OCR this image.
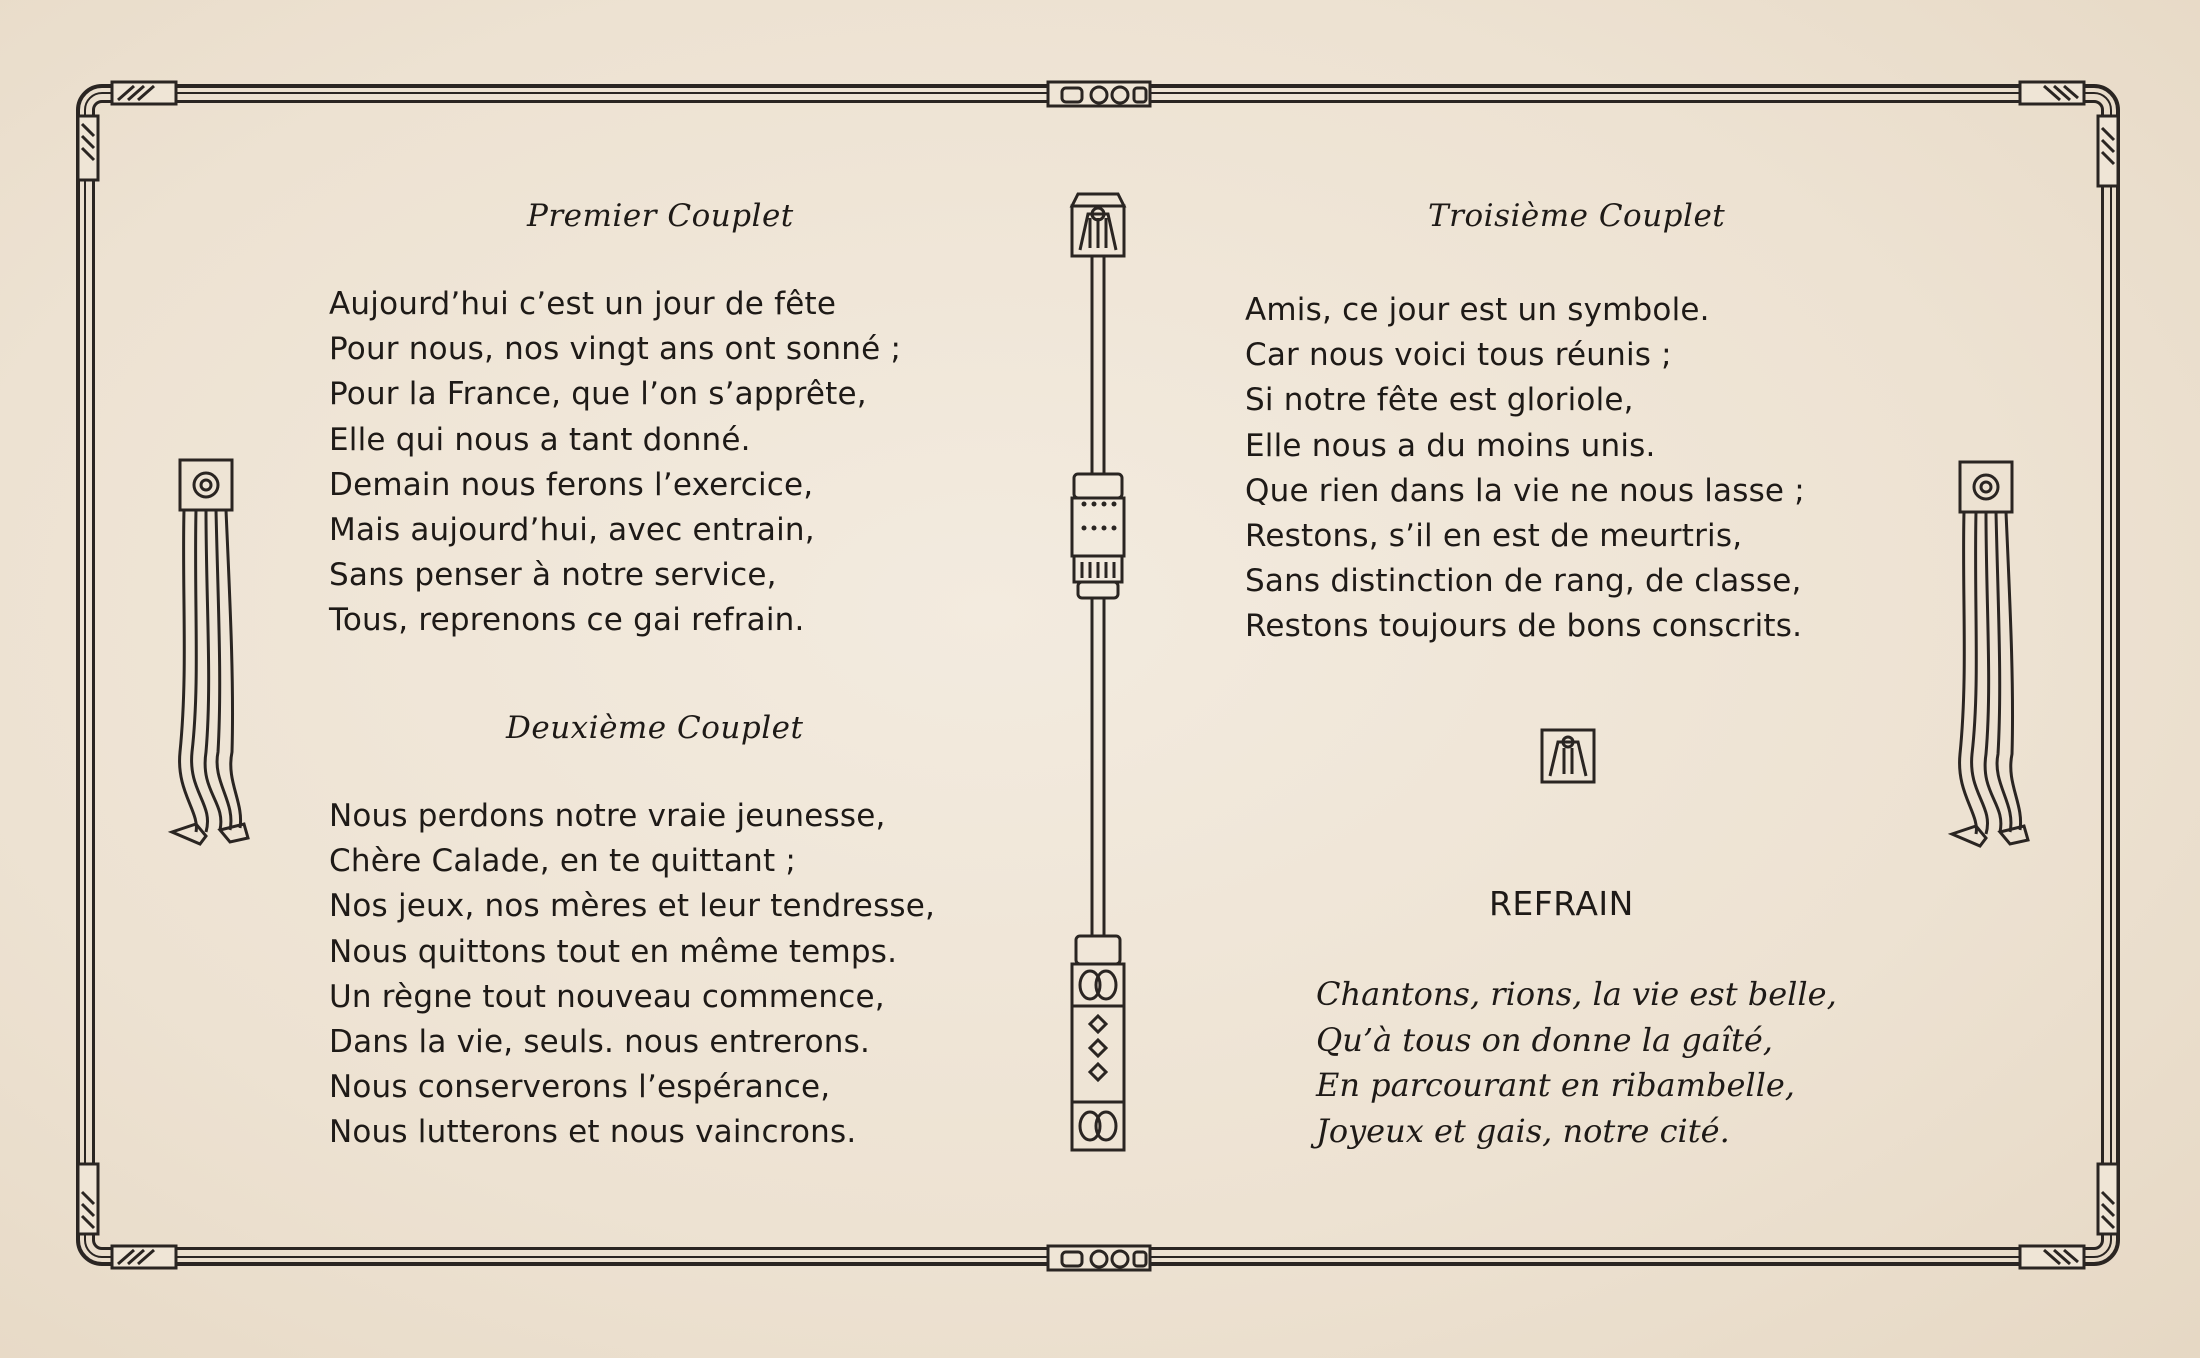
Premier Couplet
Aujourd’hui c’est un jour de fête
Pour nous, nos vingt ans ont sonné ;
Pour la France, que l’on s’apprête,
Elle qui nous a tant donné.
Demain nous ferons l’exercice,
Mais aujourd’hui, avec entrain,
Sans penser à notre service,
Tous, reprenons ce gai refrain.
Deuxième Couplet
Nous perdons notre vraie jeunesse,
Chère Calade, en te quittant ;
Nos jeux, nos mères et leur tendresse,
Nous quittons tout en même temps.
Un règne tout nouveau commence,
Dans la vie, seuls. nous entrerons.
Nous conserverons l’espérance,
Nous lutterons et nous vaincrons.
Troisième Couplet
Amis, ce jour est un symbole.
Car nous voici tous réunis ;
Si notre fête est gloriole,
Elle nous a du moins unis.
Que rien dans la vie ne nous lasse ;
Restons, s’il en est de meurtris,
Sans distinction de rang, de classe,
Restons toujours de bons conscrits.
REFRAIN
Chantons, rions, la vie est belle,
Qu’à tous on donne la gaîté,
En parcourant en ribambelle,
Joyeux et gais, notre cité.
